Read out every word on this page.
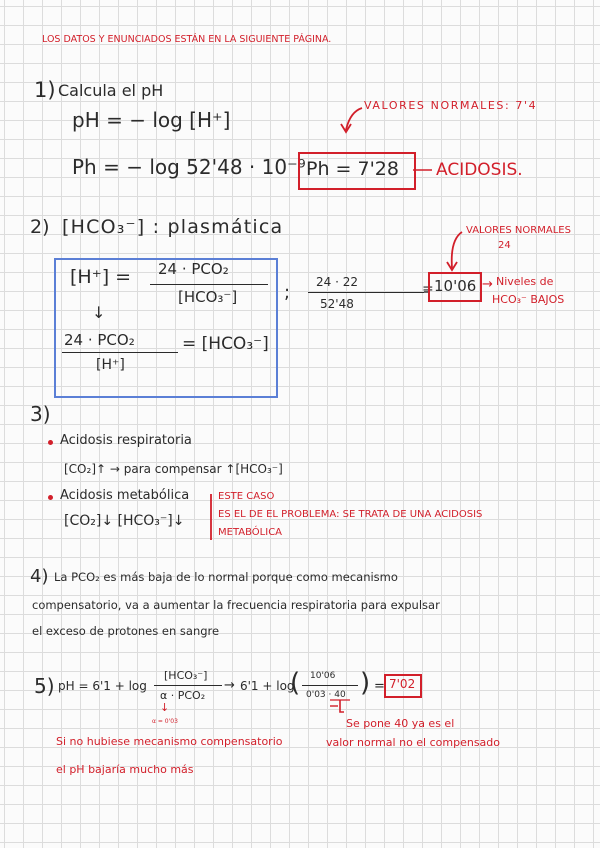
LOS DATOS Y ENUNCIADOS ESTÁN EN LA SIGUIENTE PÁGINA.
1) Calcula el pH
pH = − log [H⁺]
Ph = − log 52'48 · 10⁻⁹ Ph = 7'28 ACIDOSIS.
VALORES NORMALES: 7'4
2) [HCO₃⁻] : plasmática	VALORES NORMALES
24
[H⁺] = 24 · PCO₂
[HCO₃⁻]
↓
24 · PCO₂
[H⁺]
= [HCO₃⁻]
; 24 · 22
52'48
= 10'06 → Niveles de
HCO₃⁻ BAJOS
3)
Acidosis respiratoria
[CO₂]↑ → para compensar ↑[HCO₃⁻]
Acidosis metabólica
[CO₂]↓ [HCO₃⁻]↓
ESTE CASO
ES EL DE EL PROBLEMA: SE TRATA DE UNA ACIDOSIS
METABÓLICA
4) La PCO₂ es más baja de lo normal porque como mecanismo
compensatorio, va a aumentar la frecuencia respiratoria para expulsar
el exceso de protones en sangre
5) pH = 6'1 + log
[HCO₃⁻]
α · PCO₂
→ 6'1 + log
( 10'06
0'03 · 40 ) = 7'02
↓
α = 0'03
Si no hubiese mecanismo compensatorio
el pH bajaría mucho más
Se pone 40 ya es el
valor normal no el compensado
